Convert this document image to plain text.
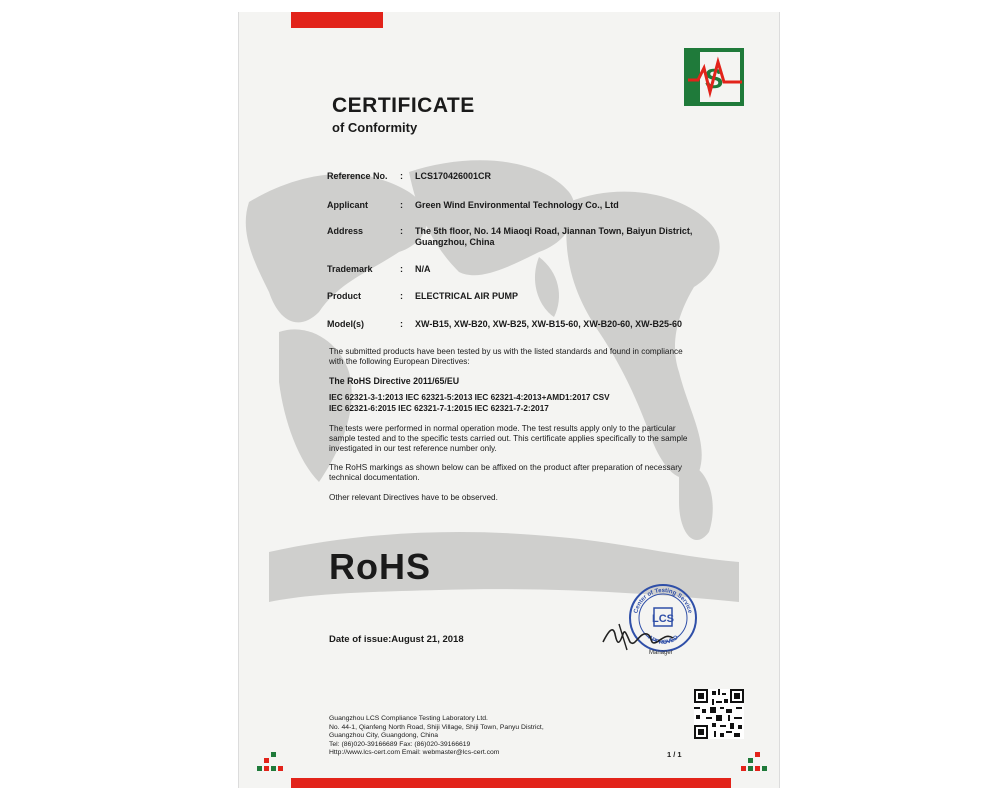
S
CERTIFICATE
of Conformity
Reference No.	: LCS170426001CR
Applicant	: Green Wind Environmental Technology Co., Ltd
Address	: The 5th floor, No. 14 Miaoqi Road, Jiannan Town, Baiyun District, Guangzhou, China
Trademark	: N/A
Product	: ELECTRICAL AIR PUMP
Model(s)	: XW-B15, XW-B20, XW-B25, XW-B15-60, XW-B20-60, XW-B25-60
The submitted products have been tested by us with the listed standards and found in compliance with the following European Directives:
The RoHS Directive 2011/65/EU
IEC 62321-3-1:2013 IEC 62321-5:2013 IEC 62321-4:2013+AMD1:2017 CSV
IEC 62321-6:2015 IEC 62321-7-1:2015 IEC 62321-7-2:2017
The tests were performed in normal operation mode. The test results apply only to the particular sample tested and to the specific tests carried out. This certificate applies specifically to the sample investigated in our test reference number only.
The RoHS markings as shown below can be affixed on the product after preparation of necessary technical documentation.
Other relevant Directives have to be observed.
RoHS
Date of issue:August 21, 2018
Center of Testing Service
APPROVED
LCS
Manager
Guangzhou LCS Compliance Testing Laboratory Ltd.
No. 44-1, Qianfeng North Road, Shiji Village, Shiji Town, Panyu District,
Guangzhou City, Guangdong, China
Tel: (86)020-39166689 Fax: (86)020-39166619
Http://www.lcs-cert.com Email: webmaster@lcs-cert.com	1 / 1
